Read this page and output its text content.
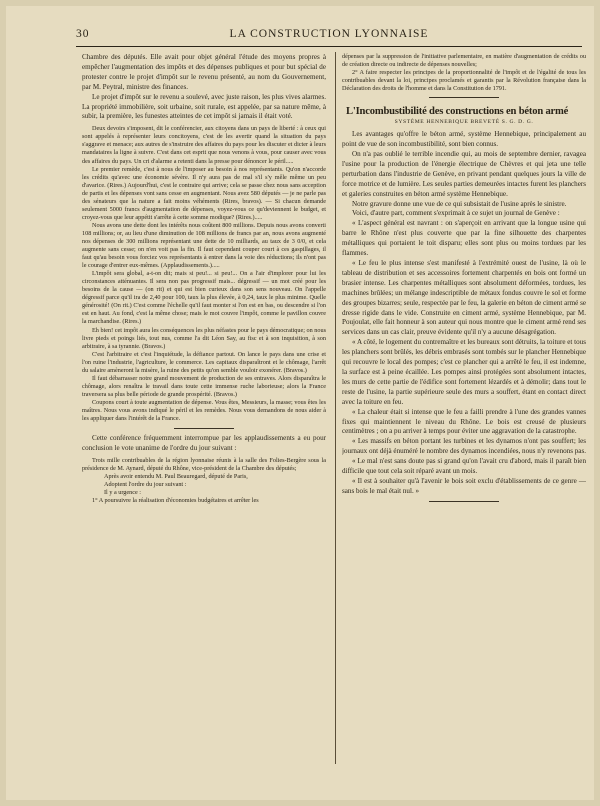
30	LA CONSTRUCTION LYONNAISE

Chambre des députés. Elle avait pour objet général l'étude des moyens propres à empêcher l'augmentation des impôts et des dépenses publiques et pour but spécial de protester contre le projet d'impôt sur le revenu présenté, au nom du Gouvernement, par M. Peytral, ministre des finances.

Le projet d'impôt sur le revenu a soulevé, avec juste raison, les plus vives alarmes. La propriété immobilière, soit urbaine, soit rurale, est appelée, par sa nature même, à subir, la première, les funestes atteintes de cet impôt si jamais il était voté.

Deux devoirs s'imposent, dit le conférencier, aux citoyens dans un pays de liberté : à ceux qui sont appelés à représenter leurs concitoyens, c'est de les avertir quand la situation du pays s'aggrave et menace; aux autres de s'instruire des affaires du pays pour les discuter et dicter à leurs mandataires la ligne à suivre. C'est dans cet esprit que nous venons à vous, pour causer avec vous des affaires du pays. Un cri d'alarme a retenti dans la presse pour dénoncer le péril.....

Le premier remède, c'est à nous de l'imposer au besoin à nos représentants. Qu'on n'accorde les crédits qu'avec une économie sévère. Il n'y aura pas de mal s'il s'y mêle même un peu d'avarice. (Rires.) Aujourd'hui, c'est le contraire qui arrive; cela se passe chez nous sans acception de partis et les dépenses vont sans cesse en augmentant. Nous avez 580 députés — je ne parle pas des sénateurs que la nature a fait moins véhéments (Rires, bravos). — Si chacun demande seulement 5000 francs d'augmentation de dépenses, voyez-vous ce qu'deviennent le budget, et croyez-vous que leur appétit s'arrête à cette somme modique? (Rires.).....

Nous avons une dette dont les intérêts nous coûtent 800 millions. Depuis nous avons converti 108 millions; or, au lieu d'une diminution de 108 millions de francs par an, nous avons augmenté nos dépenses de 300 millions représentant une dette de 10 milliards, au taux de 3 0/0, et cela augmente sans cesse; on n'en voit pas la fin. Il faut cependant couper court à ces gaspillages, il faut qu'au besoin vous forciez vos représentants à entrer dans la voie des réductions; ils n'ont pas le courage d'entrer eux-mêmes. (Applaudissements.).....

L'impôt sera global, a-t-on dit; mais si peu!... si peu!... On a l'air d'implorer pour lui les circonstances atténuantes. Il sera non pas progressif mais... dégressif — un mot créé pour les besoins de la cause — (on rit) et qui est bien curieux dans son sens nouveau. On l'appelle dégressif parce qu'il ira de 2,40 pour 100, taux la plus élevée, à 0,24, taux le plus minime. Quelle générosité! (On rit.) C'est comme l'échelle qu'il faut monter si l'on est en bas, ou descendre si l'on est en haut. Au fond, c'est la même chose; mais le mot couvre l'impôt, comme le pavillon couvre la marchandise. (Rires.)

Eh bien! cet impôt aura les conséquences les plus néfastes pour le pays démocratique; on nous livre pieds et poings liés, tout nus, comme l'a dit Léon Say, au fisc et à son inquisition, à son arbitraire, à sa tyrannie. (Bravos.)

C'est l'arbitraire et c'est l'inquiétude, la défiance partout. On lance le pays dans une crise et l'on ruine l'industrie, l'agriculture, le commerce. Les capitaux disparaîtront et le chômage, l'arrêt du salaire amèneront la misère, la ruine des petits qu'on semble vouloir exonérer. (Bravos.)

Il faut débarrasser notre grand mouvement de production de ses entraves. Alors disparaîtra le chômage, alors renaîtra le travail dans toute cette immense ruche laborieuse; alors la France traversera sa plus belle période de grande prospérité. (Bravos.)

Coupons court à toute augmentation de dépense. Vous êtes, Messieurs, la masse; vous êtes les maîtres. Nous vous avons indiqué le péril et les remèdes. Nous vous demandons de nous aider à les appliquer dans l'intérêt de la France.

Cette conférence fréquemment interrompue par les applaudissements a eu pour conclusion le vote unanime de l'ordre du jour suivant :

Trois mille contribuables de la région lyonnaise réunis à la salle des Folies-Bergère sous la présidence de M. Aynard, député du Rhône, vice-président de la Chambre des députés;

Après avoir entendu M. Paul Beauregard, député de Paris,

Adoptent l'ordre du jour suivant :

Il y a urgence :

1° A poursuivre la réalisation d'économies budgétaires et arrêter les

dépenses par la suppression de l'initiative parlementaire, en matière d'augmentation de crédits ou de création directe ou indirecte de dépenses nouvelles;

2° A faire respecter les principes de la proportionnalité de l'impôt et de l'égalité de tous les contribuables devant la loi, principes proclamés et garantis par la Révolution française dans la Déclaration des droits de l'homme et dans la Constitution de 1791.

L'Incombustibilité des constructions en béton armé
SYSTÈME HENNEBIQUE BREVETÉ S. G. D. G.

Les avantages qu'offre le béton armé, système Hennebique, principalement au point de vue de son incombustibilité, sont bien connus.

On n'a pas oublié le terrible incendie qui, au mois de septembre dernier, ravagea l'usine pour la production de l'énergie électrique de Chèvres et qui jeta une telle perturbation dans l'industrie de Genève, en privant pendant quelques jours la ville de force motrice et de lumière. Les seules parties demeurées intactes furent les planchers et galeries construites en béton armé système Hennebique.

Notre gravure donne une vue de ce qui subsistait de l'usine après le sinistre.

Voici, d'autre part, comment s'exprimait à ce sujet un journal de Genève :

« L'aspect général est navrant : on s'aperçoit en arrivant que la longue usine qui barre le Rhône n'est plus couverte que par la fine silhouette des charpentes métalliques qui portaient le toit disparu; elles sont plus ou moins tordues par les flammes.

« Le feu le plus intense s'est manifesté à l'extrémité ouest de l'usine, là où le tableau de distribution et ses accessoires fortement charpentés en bois ont formé un brasier intense. Les charpentes métalliques sont absolument déformées, tordues, les machines brûlées; un mélange indescriptible de métaux fondus couvre le sol et forme des groupes bizarres; seule, respectée par le feu, la galerie en béton de ciment armé se dresse rigide dans le vide. Construite en ciment armé, système Hennebique, par M. Poujoulat, elle fait honneur à son auteur qui nous montre que le ciment armé rend ses services dans un cas clair, preuve évidente qu'il n'y a aucune désagrégation.

« A côté, le logement du contremaître et les bureaux sont détruits, la toiture et tous les planchers sont brûlés, les débris embrasés sont tombés sur le plancher Hennebique qui recouvre le local des pompes; c'est ce plancher qui a arrêté le feu, il est indemne, la surface est à peine écaillée. Les pompes ainsi protégées sont absolument intactes, les murs de cette partie de l'édifice sont fortement lézardés et à démolir; dans tout le reste de l'usine, la partie supérieure seule des murs a souffert, étant en contact direct avec la toiture en feu.

« La chaleur était si intense que le feu a failli prendre à l'une des grandes vannes fixes qui maintiennent le niveau du Rhône. Le bois est creusé de plusieurs centimètres ; on a pu arriver à temps pour éviter une aggravation de la catastrophe.

« Les massifs en béton portant les turbines et les dynamos n'ont pas souffert; les journaux ont déjà énuméré le nombre des dynamos incendiées, nous n'y revenons pas.

« Le mal n'est sans doute pas si grand qu'on l'avait cru d'abord, mais il paraît bien difficile que tout cela soit réparé avant un mois.

« Il est à souhaiter qu'à l'avenir le bois soit exclu d'établissements de ce genre — sans bois le mal était nul. »
